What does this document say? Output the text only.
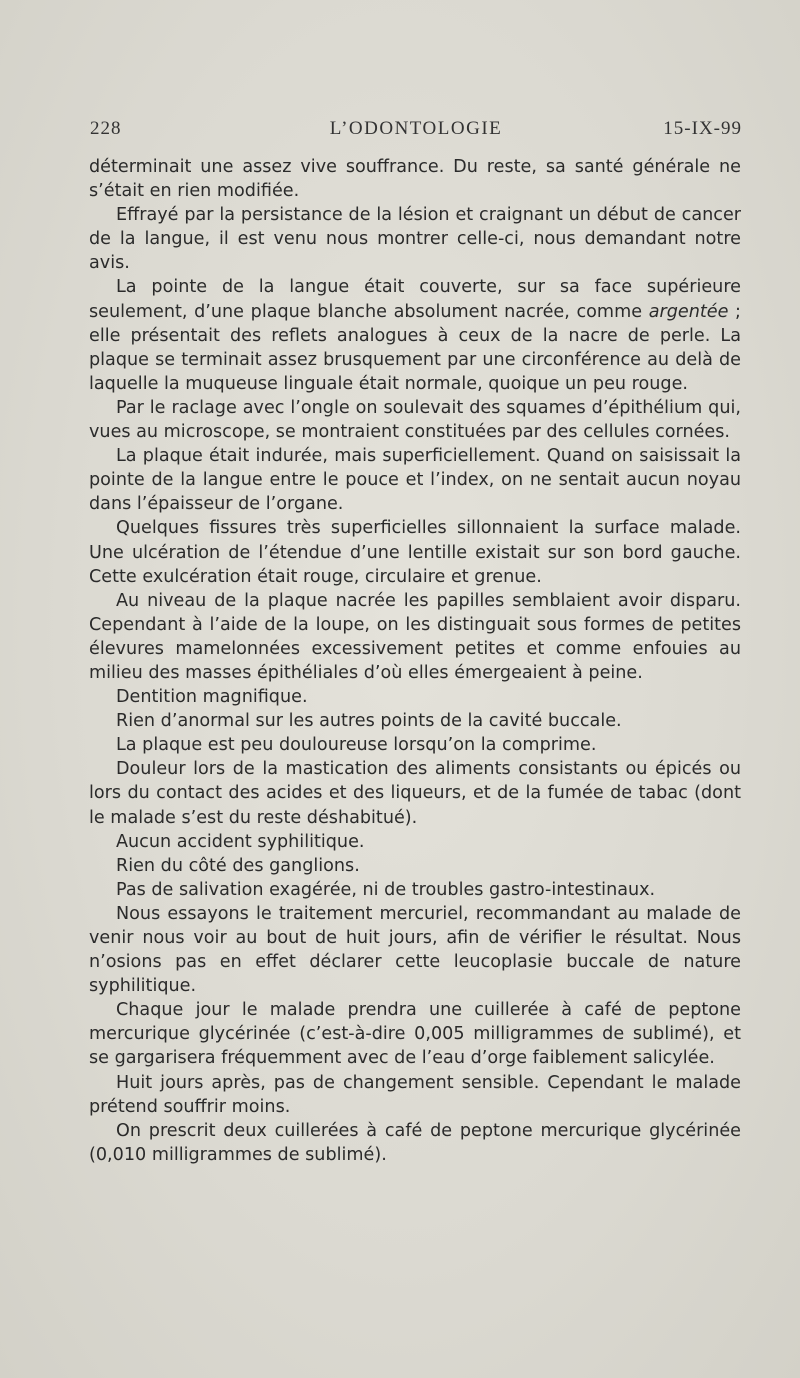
228	L’ODONTOLOGIE	15-IX-99

déterminait une assez vive souffrance. Du reste, sa santé générale ne s’était en rien modifiée.

Effrayé par la persistance de la lésion et craignant un début de cancer de la langue, il est venu nous montrer celle-ci, nous demandant notre avis.

La pointe de la langue était couverte, sur sa face supérieure seulement, d’une plaque blanche absolument nacrée, comme argentée ; elle présentait des reflets analogues à ceux de la nacre de perle. La plaque se terminait assez brusquement par une circonférence au delà de laquelle la muqueuse linguale était normale, quoique un peu rouge.

Par le raclage avec l’ongle on soulevait des squames d’épithélium qui, vues au microscope, se montraient constituées par des cellules cornées.

La plaque était indurée, mais superficiellement. Quand on saisissait la pointe de la langue entre le pouce et l’index, on ne sentait aucun noyau dans l’épaisseur de l’organe.

Quelques fissures très superficielles sillonnaient la surface malade. Une ulcération de l’étendue d’une lentille existait sur son bord gauche. Cette exulcération était rouge, circulaire et grenue.

Au niveau de la plaque nacrée les papilles semblaient avoir disparu. Cependant à l’aide de la loupe, on les distinguait sous formes de petites élevures mamelonnées excessivement petites et comme enfouies au milieu des masses épithéliales d’où elles émergeaient à peine.

Dentition magnifique.

Rien d’anormal sur les autres points de la cavité buccale.

La plaque est peu douloureuse lorsqu’on la comprime.

Douleur lors de la mastication des aliments consistants ou épicés ou lors du contact des acides et des liqueurs, et de la fumée de tabac (dont le malade s’est du reste déshabitué).

Aucun accident syphilitique.

Rien du côté des ganglions.

Pas de salivation exagérée, ni de troubles gastro-intestinaux.

Nous essayons le traitement mercuriel, recommandant au malade de venir nous voir au bout de huit jours, afin de vérifier le résultat. Nous n’osions pas en effet déclarer cette leucoplasie buccale de nature syphilitique.

Chaque jour le malade prendra une cuillerée à café de peptone mercurique glycérinée (c’est-à-dire 0,005 milligrammes de sublimé), et se gargarisera fréquemment avec de l’eau d’orge faiblement salicylée.

Huit jours après, pas de changement sensible. Cependant le malade prétend souffrir moins.

On prescrit deux cuillerées à café de peptone mercurique glycérinée (0,010 milligrammes de sublimé).
